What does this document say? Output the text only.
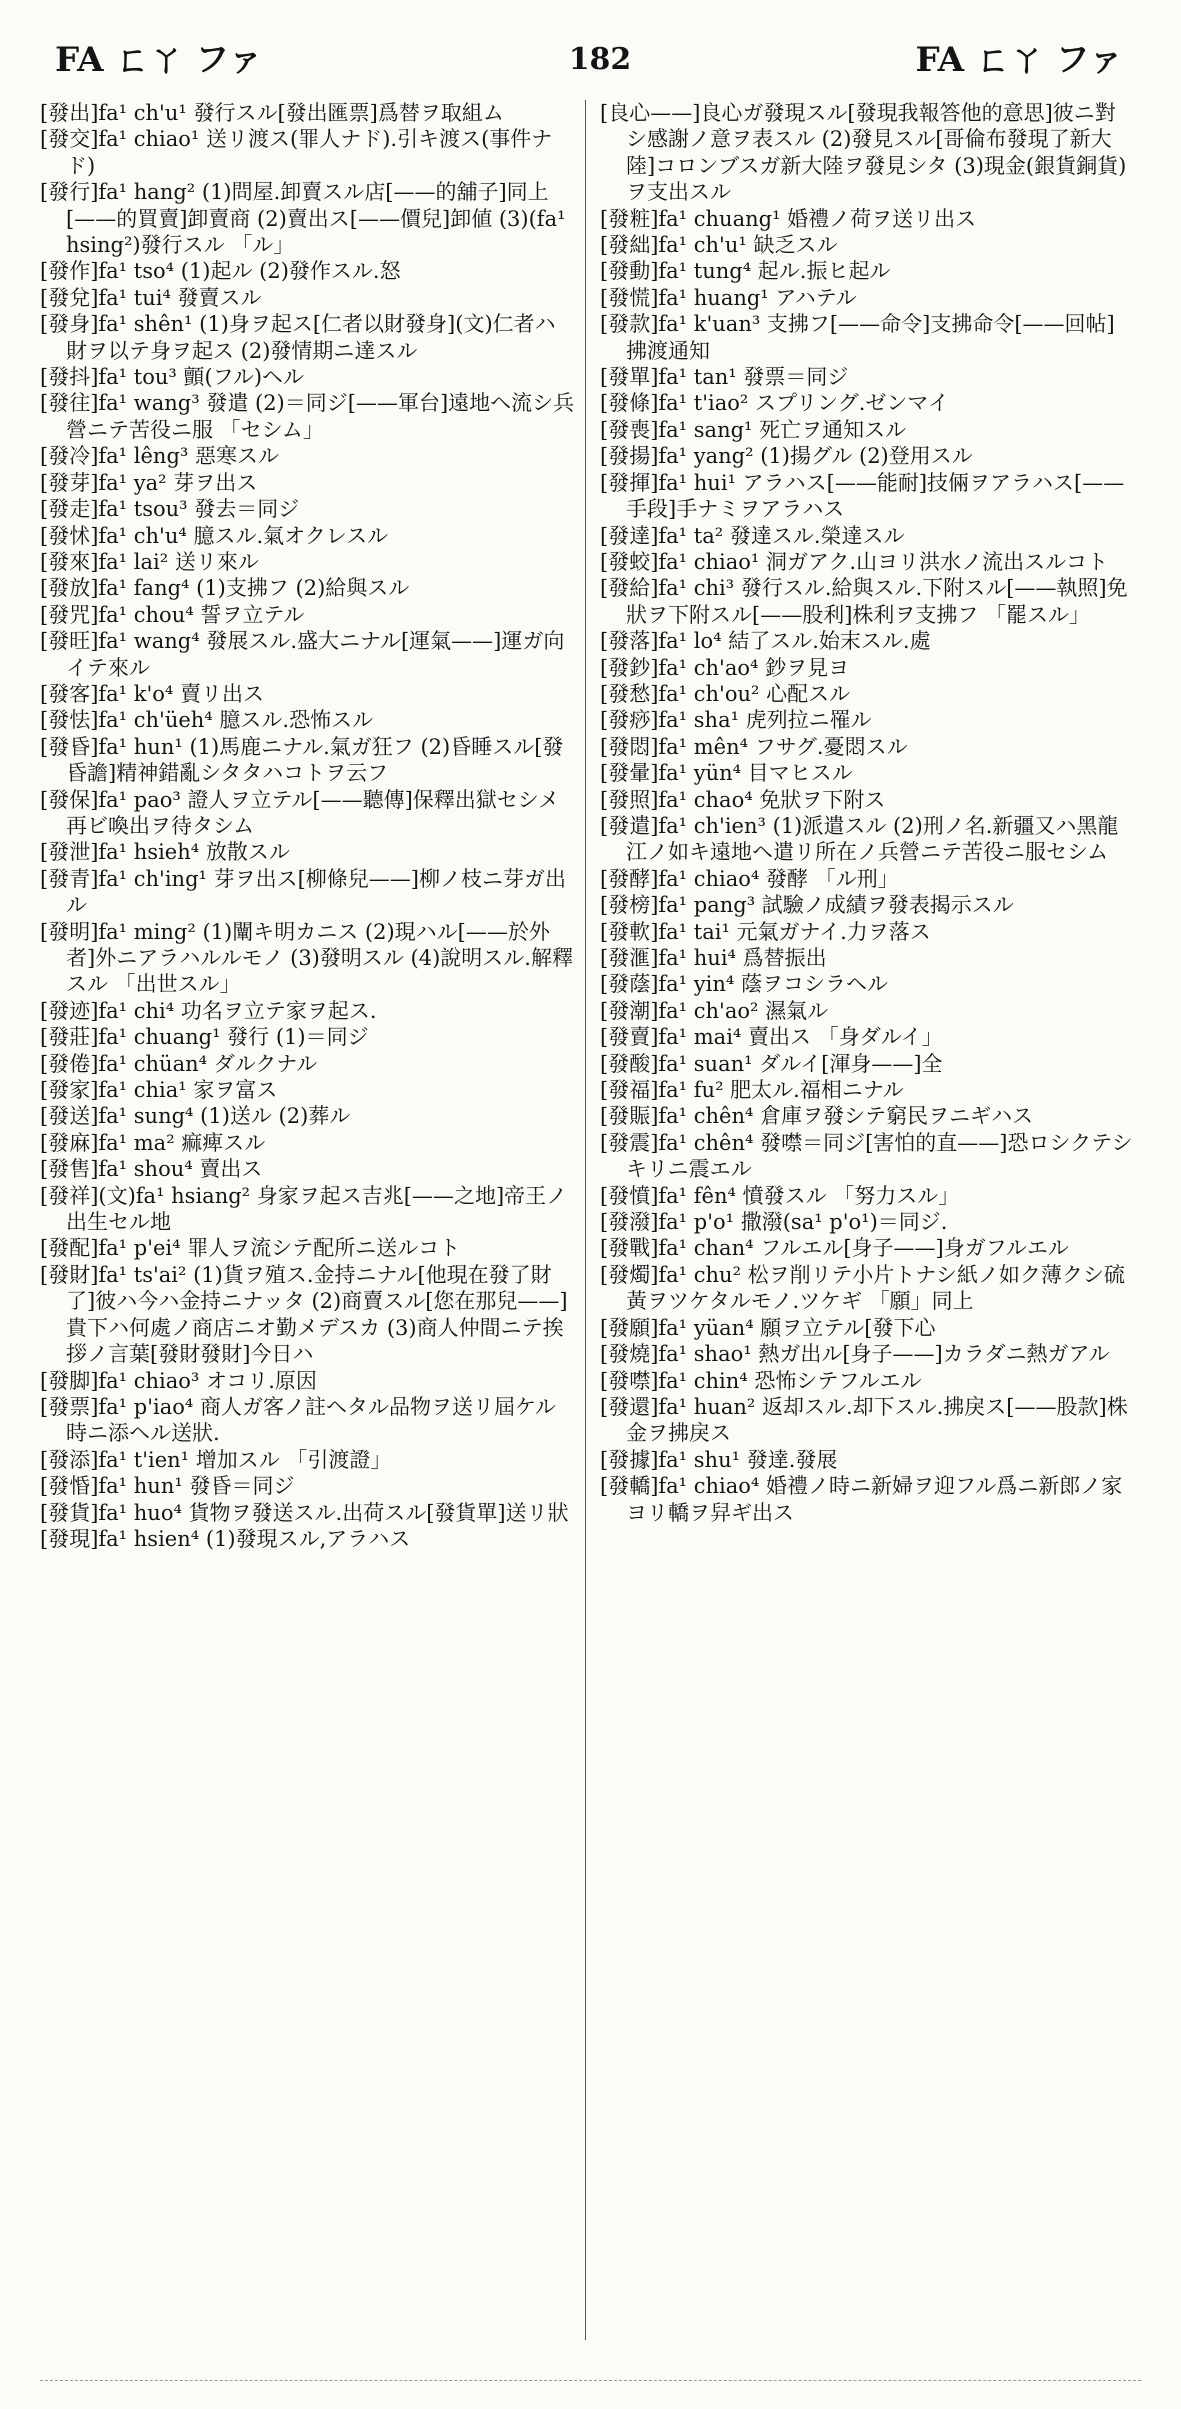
FA ㄈㄚ ファ	182	FA ㄈㄚ ファ

[發出]fa¹ ch'u¹ 發行スル[發出匯票]爲替ヲ取組ム

[發交]fa¹ chiao¹ 送リ渡ス(罪人ナド).引キ渡ス(事件ナド)

[發行]fa¹ hang² (1)問屋.卸賣スル店[——的舖子]同上[——的買賣]卸賣商 (2)賣出ス[——價兒]卸値 (3)(fa¹ hsing²)發行スル 「ル」

[發作]fa¹ tso⁴ (1)起ル (2)發作スル.怒

[發兌]fa¹ tui⁴ 發賣スル

[發身]fa¹ shên¹ (1)身ヲ起ス[仁者以財發身](文)仁者ハ財ヲ以テ身ヲ起ス (2)發情期ニ達スル

[發抖]fa¹ tou³ 顫(フル)ヘル

[發往]fa¹ wang³ 發遣 (2)＝同ジ[——軍台]遠地ヘ流シ兵營ニテ苦役ニ服 「セシム」

[發冷]fa¹ lêng³ 惡寒スル

[發芽]fa¹ ya² 芽ヲ出ス

[發走]fa¹ tsou³ 發去＝同ジ

[發怵]fa¹ ch'u⁴ 臆スル.氣オクレスル

[發來]fa¹ lai² 送リ來ル

[發放]fa¹ fang⁴ (1)支拂フ (2)給與スル

[發咒]fa¹ chou⁴ 誓ヲ立テル

[發旺]fa¹ wang⁴ 發展スル.盛大ニナル[運氣——]運ガ向イテ來ル

[發客]fa¹ k'o⁴ 賣リ出ス

[發怯]fa¹ ch'üeh⁴ 臆スル.恐怖スル

[發昏]fa¹ hun¹ (1)馬鹿ニナル.氣ガ狂フ (2)昏睡スル[發昏譫]精神錯亂シタタハコトヲ云フ

[發保]fa¹ pao³ 證人ヲ立テル[——聽傳]保釋出獄セシメ再ビ喚出ヲ待タシム

[發泄]fa¹ hsieh⁴ 放散スル

[發青]fa¹ ch'ing¹ 芽ヲ出ス[柳條兒——]柳ノ枝ニ芽ガ出ル

[發明]fa¹ ming² (1)闡キ明カニス (2)現ハル[——於外者]外ニアラハルルモノ (3)發明スル (4)說明スル.解釋スル 「出世スル」

[發迹]fa¹ chi⁴ 功名ヲ立テ家ヲ起ス.

[發莊]fa¹ chuang¹ 發行 (1)＝同ジ

[發倦]fa¹ chüan⁴ ダルクナル

[發家]fa¹ chia¹ 家ヲ富ス

[發送]fa¹ sung⁴ (1)送ル (2)葬ル

[發麻]fa¹ ma² 痲痺スル

[發售]fa¹ shou⁴ 賣出ス

[發祥](文)fa¹ hsiang² 身家ヲ起ス吉兆[——之地]帝王ノ出生セル地

[發配]fa¹ p'ei⁴ 罪人ヲ流シテ配所ニ送ルコト

[發財]fa¹ ts'ai² (1)貨ヲ殖ス.金持ニナル[他現在發了財了]彼ハ今ハ金持ニナッタ (2)商賣スル[您在那兒——]貴下ハ何處ノ商店ニオ勤メデスカ (3)商人仲間ニテ挨拶ノ言葉[發財發財]今日ハ

[發脚]fa¹ chiao³ オコリ.原因

[發票]fa¹ p'iao⁴ 商人ガ客ノ註ヘタル品物ヲ送リ屆ケル時ニ添ヘル送狀.

[發添]fa¹ t'ien¹ 增加スル 「引渡證」

[發惛]fa¹ hun¹ 發昏＝同ジ

[發貨]fa¹ huo⁴ 貨物ヲ發送スル.出荷スル[發貨單]送リ狀

[發現]fa¹ hsien⁴ (1)發現スル,アラハス

[良心——]良心ガ發現スル[發現我報答他的意思]彼ニ對シ感謝ノ意ヲ表スル (2)發見スル[哥倫布發現了新大陸]コロンブスガ新大陸ヲ發見シタ (3)現金(銀貨銅貨)ヲ支出スル

[發粧]fa¹ chuang¹ 婚禮ノ荷ヲ送リ出ス

[發絀]fa¹ ch'u¹ 缺乏スル

[發動]fa¹ tung⁴ 起ル.振ヒ起ル

[發慌]fa¹ huang¹ アハテル

[發款]fa¹ k'uan³ 支拂フ[——命令]支拂命令[——回帖]拂渡通知

[發單]fa¹ tan¹ 發票＝同ジ

[發條]fa¹ t'iao² スプリング.ゼンマイ

[發喪]fa¹ sang¹ 死亡ヲ通知スル

[發揚]fa¹ yang² (1)揚グル (2)登用スル

[發揮]fa¹ hui¹ アラハス[——能耐]技倆ヲアラハス[——手段]手ナミヲアラハス

[發達]fa¹ ta² 發達スル.榮達スル

[發蛟]fa¹ chiao¹ 洞ガアク.山ヨリ洪水ノ流出スルコト

[發給]fa¹ chi³ 發行スル.給與スル.下附スル[——執照]免狀ヲ下附スル[——股利]株利ヲ支拂フ 「罷スル」

[發落]fa¹ lo⁴ 結了スル.始末スル.處

[發鈔]fa¹ ch'ao⁴ 鈔ヲ見ヨ

[發愁]fa¹ ch'ou² 心配スル

[發痧]fa¹ sha¹ 虎列拉ニ罹ル

[發悶]fa¹ mên⁴ フサグ.憂悶スル

[發暈]fa¹ yün⁴ 目マヒスル

[發照]fa¹ chao⁴ 免狀ヲ下附ス

[發遣]fa¹ ch'ien³ (1)派遣スル (2)刑ノ名.新疆又ハ黑龍江ノ如キ遠地ヘ遣リ所在ノ兵營ニテ苦役ニ服セシム

[發酵]fa¹ chiao⁴ 發酵 「ル刑」

[發榜]fa¹ pang³ 試驗ノ成績ヲ發表揭示スル

[發軟]fa¹ tai¹ 元氣ガナイ.力ヲ落ス

[發滙]fa¹ hui⁴ 爲替振出

[發蔭]fa¹ yin⁴ 蔭ヲコシラヘル

[發潮]fa¹ ch'ao² 濕氣ル

[發賣]fa¹ mai⁴ 賣出ス 「身ダルイ」

[發酸]fa¹ suan¹ ダルイ[渾身——]全

[發福]fa¹ fu² 肥太ル.福相ニナル

[發賑]fa¹ chên⁴ 倉庫ヲ發シテ窮民ヲニギハス

[發震]fa¹ chên⁴ 發噤＝同ジ[害怕的直——]恐ロシクテシキリニ震エル

[發憤]fa¹ fên⁴ 憤發スル 「努力スル」

[發潑]fa¹ p'o¹ 撒潑(sa¹ p'o¹)＝同ジ.

[發戰]fa¹ chan⁴ フルエル[身子——]身ガフルエル

[發燭]fa¹ chu² 松ヲ削リテ小片トナシ紙ノ如ク薄クシ硫黃ヲツケタルモノ.ツケギ 「願」同上

[發願]fa¹ yüan⁴ 願ヲ立テル[發下心

[發燒]fa¹ shao¹ 熱ガ出ル[身子——]カラダニ熱ガアル

[發噤]fa¹ chin⁴ 恐怖シテフルエル

[發還]fa¹ huan² 返却スル.却下スル.拂戾ス[——股款]株金ヲ拂戾ス

[發據]fa¹ shu¹ 發達.發展

[發轎]fa¹ chiao⁴ 婚禮ノ時ニ新婦ヲ迎フル爲ニ新郎ノ家ヨリ轎ヲ舁ギ出ス
